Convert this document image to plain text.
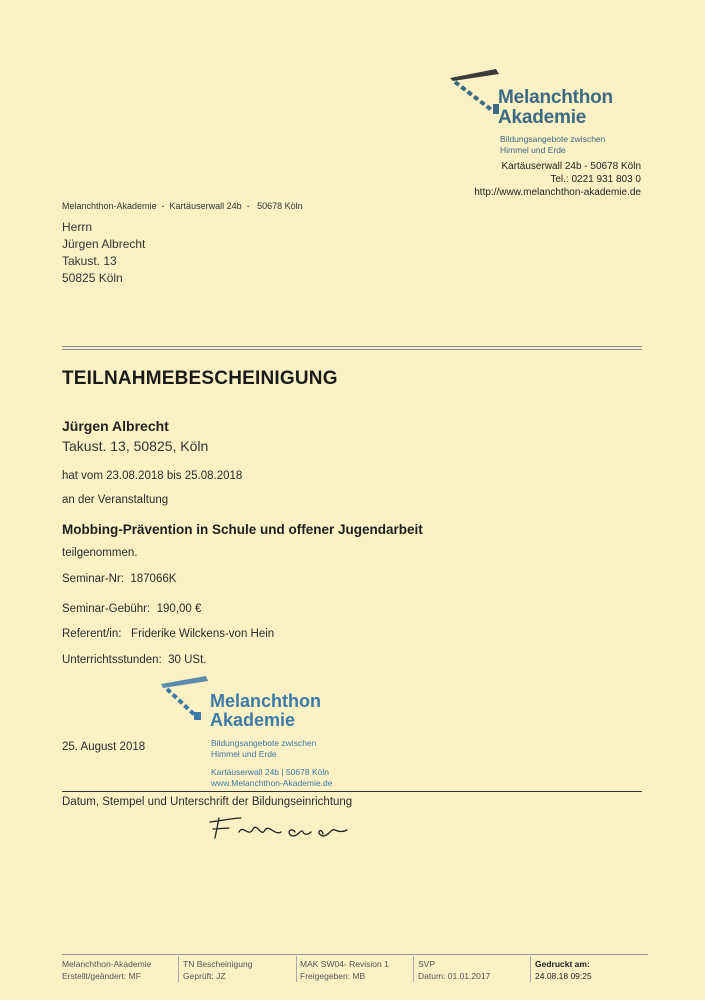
Melanchthon
Akademie
Bildungsangebote zwischen
Himmel und Erde
Kartäuserwall 24b - 50678 Köln
Tel.: 0221 931 803 0
http://www.melanchthon-akademie.de
Melanchthon-Akademie  -  Kartäuserwall 24b  -   50678 Köln
Herrn
Jürgen Albrecht
Takust. 13
50825 Köln
TEILNAHMEBESCHEINIGUNG
Jürgen Albrecht
Takust. 13, 50825, Köln
hat vom 23.08.2018 bis 25.08.2018
an der Veranstaltung
Mobbing-Prävention in Schule und offener Jugendarbeit
teilgenommen.
Seminar-Nr: 187066K
Seminar-Gebühr: 190,00 €
Referent/in: Friderike Wilckens-von Hein
Unterrichtsstunden: 30 USt.
25. August 2018
Melanchthon
Akademie
Bildungsangebote zwischen
Himmel und Erde
Kartäuserwall 24b | 50678 Köln
www.Melanchthon-Akademie.de
Datum, Stempel und Unterschrift der Bildungseinrichtung
Melanchthon-Akademie
Erstellt/geändert: MF
TN Bescheinigung
Geprüft: JZ
MAK SW04- Revision 1
Freigegeben: MB
SVP
Datum: 01.01.2017
Gedruckt am:
24.08.18 09:25
